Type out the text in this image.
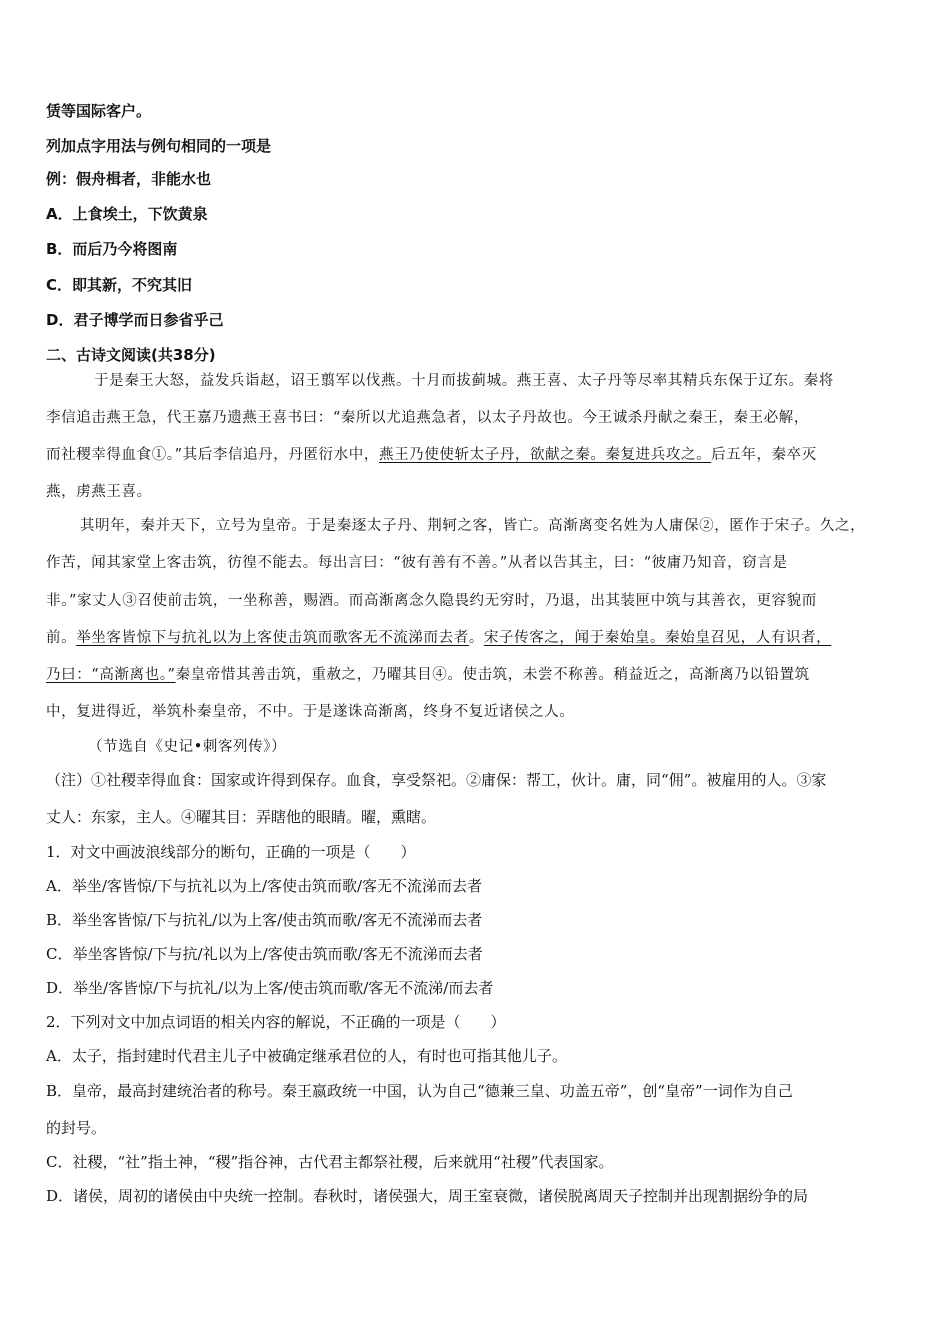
赁等国际客户。
列加点字用法与例句相同的一项是
例：假舟楫者，非能水也
A．上食埃土，下饮黄泉
B．而后乃今将图南
C．即其新，不究其旧
D．君子博学而日参省乎己
二、古诗文阅读(共38分)
于是秦王大怒，益发兵诣赵，诏王翦军以伐燕。十月而拔蓟城。燕王喜、太子丹等尽率其精兵东保于辽东。秦将
李信追击燕王急，代王嘉乃遗燕王喜书曰：“秦所以尤追燕急者，以太子丹故也。今王诚杀丹献之秦王，秦王必解，
而社稷幸得血食①。”其后李信追丹，丹匿衍水中，燕王乃使使斩太子丹，欲献之秦。秦复进兵攻之。后五年，秦卒灭
燕，虏燕王喜。
其明年，秦并天下，立号为皇帝。于是秦逐太子丹、荆轲之客，皆亡。高渐离变名姓为人庸保②，匿作于宋子。久之，
作苦，闻其家堂上客击筑，彷徨不能去。每出言曰：“彼有善有不善。”从者以告其主，曰：“彼庸乃知音，窃言是
非。”家丈人③召使前击筑，一坐称善，赐酒。而高渐离念久隐畏约无穷时，乃退，出其装匣中筑与其善衣，更容貌而
前。举坐客皆惊下与抗礼以为上客使击筑而歌客无不流涕而去者。宋子传客之，闻于秦始皇。秦始皇召见，人有识者，
乃曰：“高渐离也。”秦皇帝惜其善击筑，重赦之，乃曜其目④。使击筑，未尝不称善。稍益近之，高渐离乃以铅置筑
中，复进得近，举筑朴秦皇帝，不中。于是遂诛高渐离，终身不复近诸侯之人。
（节选自《史记•刺客列传》）
（注）①社稷幸得血食：国家或许得到保存。血食，享受祭祀。②庸保：帮工，伙计。庸，同“佣”。被雇用的人。③家
丈人：东家，主人。④曜其目：弄瞎他的眼睛。曜，熏瞎。
1．对文中画波浪线部分的断句，正确的一项是（　　）
A．举坐/客皆惊/下与抗礼以为上/客使击筑而歌/客无不流涕而去者
B．举坐客皆惊/下与抗礼/以为上客/使击筑而歌/客无不流涕而去者
C．举坐客皆惊/下与抗/礼以为上/客使击筑而歌/客无不流涕而去者
D．举坐/客皆惊/下与抗礼/以为上客/使击筑而歌/客无不流涕/而去者
2．下列对文中加点词语的相关内容的解说，不正确的一项是（　　）
A．太子，指封建时代君主儿子中被确定继承君位的人，有时也可指其他儿子。
B．皇帝，最高封建统治者的称号。秦王嬴政统一中国，认为自己“德兼三皇、功盖五帝”，创“皇帝”一词作为自己
的封号。
C．社稷，“社”指土神，“稷”指谷神，古代君主都祭社稷，后来就用“社稷”代表国家。
D．诸侯，周初的诸侯由中央统一控制。春秋时，诸侯强大，周王室衰微，诸侯脱离周天子控制并出现割据纷争的局
